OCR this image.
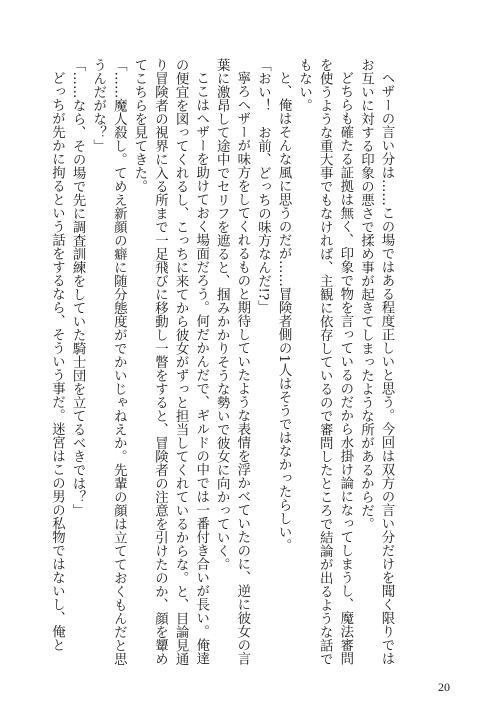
ヘザーの言い分は……この場ではある程度正しいと思う。今回は双方の言い分だけを聞く限りではお互いに対する印象の悪さで揉め事が起きてしまったような所があるからだ。

どちらも確たる証拠は無く、印象で物を言っているのだから水掛け論になってしまうし、魔法審問を使うような重大事でもなければ、主観に依存しているので審問したところで結論が出るような話でもない。

と、俺はそんな風に思うのだが……冒険者側の1人はそうではなかったらしい。

「おい！　お前、どっちの味方なんだ!?」

寧ろヘザーが味方をしてくれるものと期待していたような表情を浮かべていたのに、逆に彼女の言葉に激昂して途中でセリフを遮ると、掴みかかりそうな勢いで彼女に向かっていく。

ここはヘザーを助けておく場面だろう。何だかんだで、ギルドの中では一番付き合いが長い。俺達の便宜を図ってくれるし、こっちに来てから彼女がずっと担当してくれているからな。と、目論見通り冒険者の視界に入る所まで一足飛びに移動し一瞥をすると、冒険者の注意を引けたのか、顔を顰めてこちらを見てきた。

「……魔人殺し。てめえ新顔の癖に随分態度がでかいじゃねえか。先輩の顔は立てておくもんだと思うんだがな？」

「……なら、その場で先に調査訓練をしていた騎士団を立てるべきでは？」

どっちが先かに拘るという話をするなら、そういう事だ。迷宮はこの男の私物ではないし、俺と

20
